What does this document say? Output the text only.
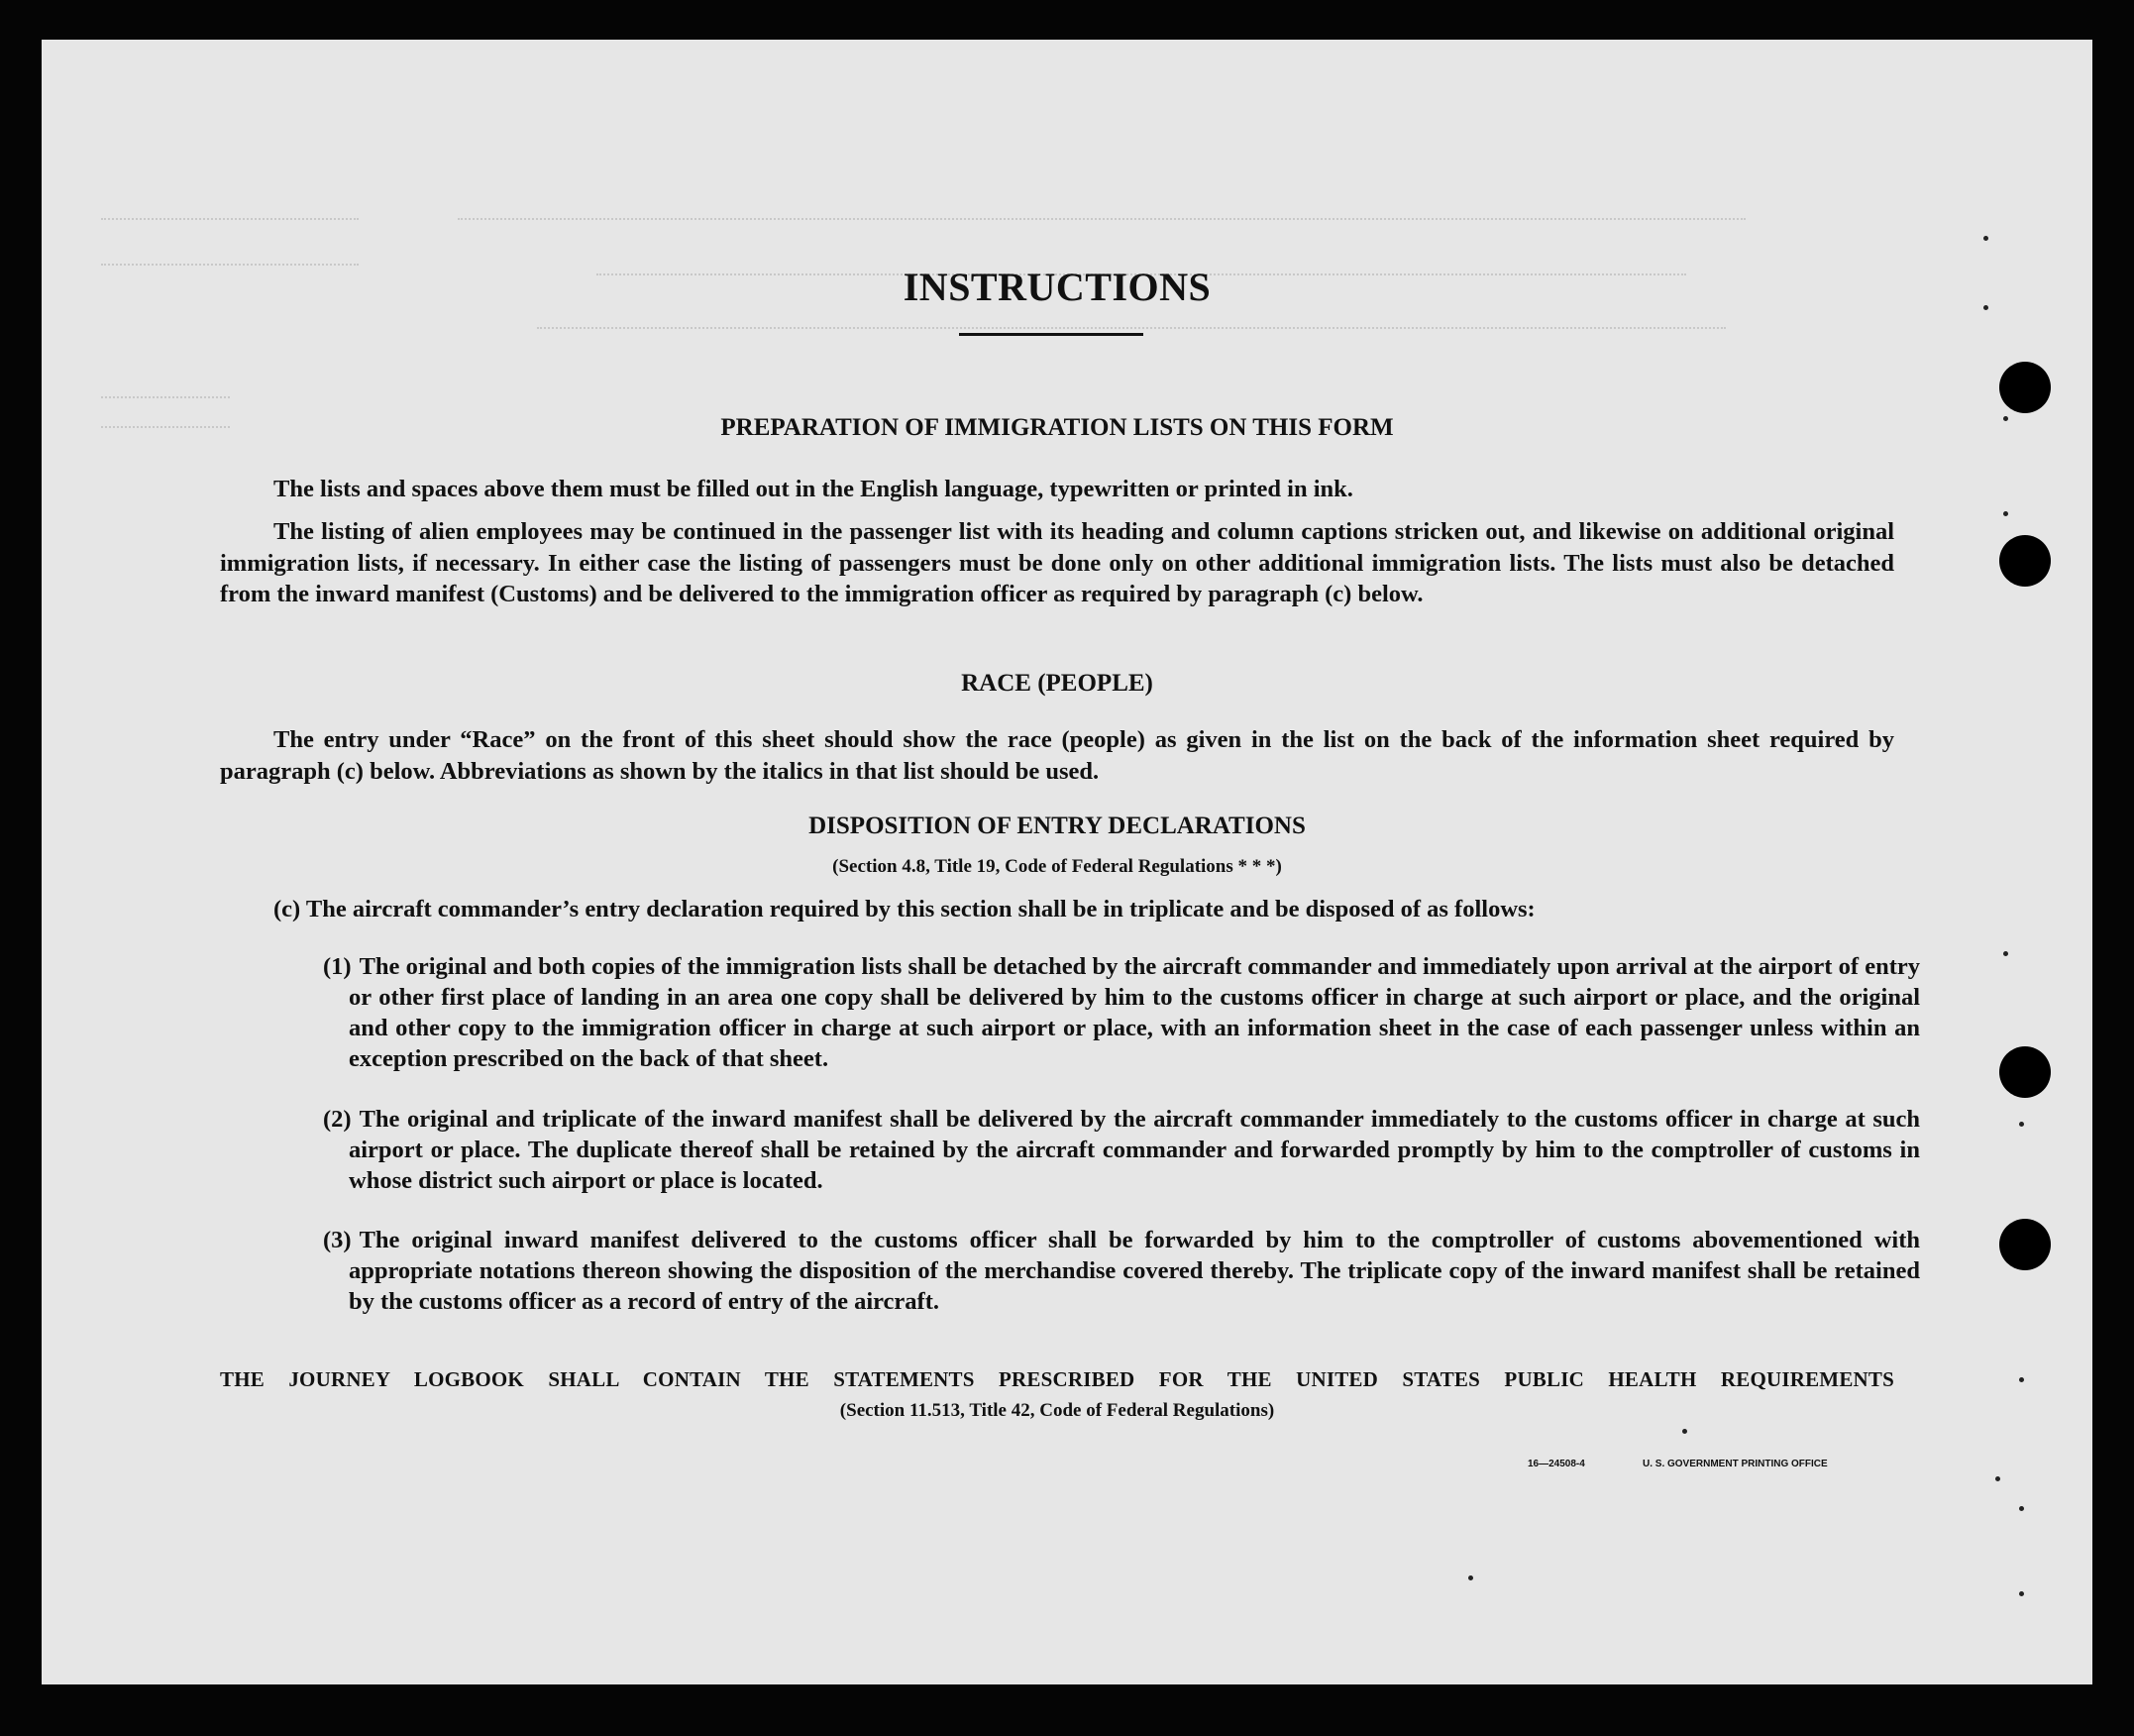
INSTRUCTIONS
PREPARATION OF IMMIGRATION LISTS ON THIS FORM
The lists and spaces above them must be filled out in the English language, typewritten or printed in ink.
The listing of alien employees may be continued in the passenger list with its heading and column captions stricken out, and likewise on additional original immigration lists, if necessary. In either case the listing of passengers must be done only on other additional immigration lists. The lists must also be detached from the inward manifest (Customs) and be delivered to the immigration officer as required by paragraph (c) below.
RACE (PEOPLE)
The entry under “Race” on the front of this sheet should show the race (people) as given in the list on the back of the information sheet required by paragraph (c) below. Abbreviations as shown by the italics in that list should be used.
DISPOSITION OF ENTRY DECLARATIONS
(Section 4.8, Title 19, Code of Federal Regulations * * *)
(c) The aircraft commander’s entry declaration required by this section shall be in triplicate and be disposed of as follows:
(1) The original and both copies of the immigration lists shall be detached by the aircraft commander and immediately upon arrival at the airport of entry or other first place of landing in an area one copy shall be delivered by him to the customs officer in charge at such airport or place, and the original and other copy to the immigration officer in charge at such airport or place, with an information sheet in the case of each passenger unless within an exception prescribed on the back of that sheet.
(2) The original and triplicate of the inward manifest shall be delivered by the aircraft commander immediately to the customs officer in charge at such airport or place. The duplicate thereof shall be retained by the aircraft commander and forwarded promptly by him to the comptroller of customs in whose district such airport or place is located.
(3) The original inward manifest delivered to the customs officer shall be forwarded by him to the comptroller of customs abovementioned with appropriate notations thereon showing the disposition of the merchandise covered thereby. The triplicate copy of the inward manifest shall be retained by the customs officer as a record of entry of the aircraft.
THE JOURNEY LOGBOOK SHALL CONTAIN THE STATEMENTS PRESCRIBED FOR THE UNITED STATES PUBLIC HEALTH REQUIREMENTS
(Section 11.513, Title 42, Code of Federal Regulations)
16—24508-4	U. S. GOVERNMENT PRINTING OFFICE
